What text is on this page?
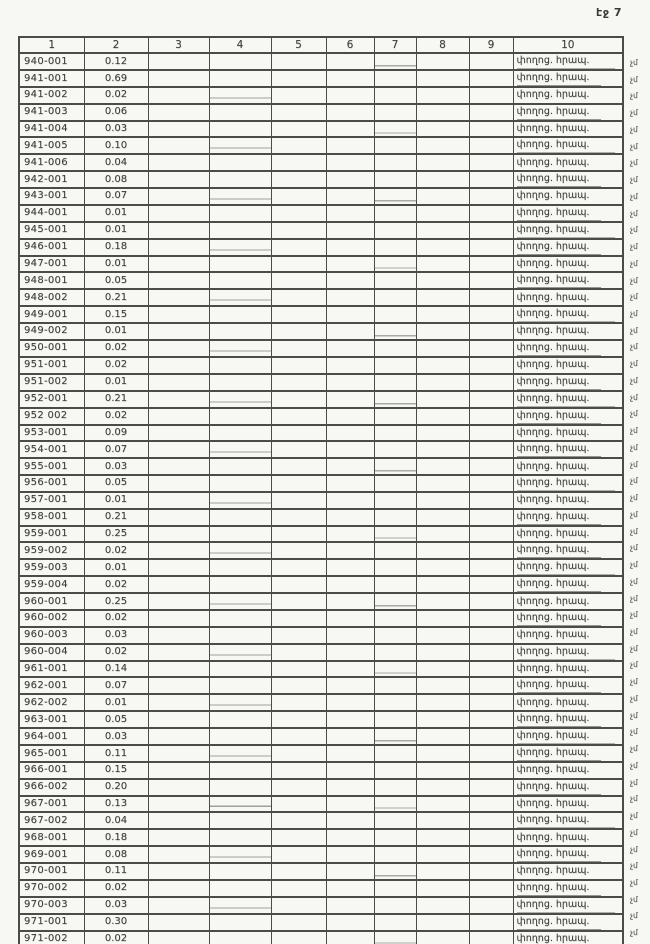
էջ 7
1	2	3	4	5	6	7	8	9	10
940-001	0.12								փողոց. հրապ.
941-001	0.69								փողոց. հրապ.
941-002	0.02								փողոց. հրապ.
941-003	0.06								փողոց. հրապ.
941-004	0.03								փողոց. հրապ.
941-005	0.10								փողոց. հրապ.
941-006	0.04								փողոց. հրապ.
942-001	0.08								փողոց. հրապ.
943-001	0.07								փողոց. հրապ.
944-001	0.01								փողոց. հրապ.
945-001	0.01								փողոց. հրապ.
946-001	0.18								փողոց. հրապ.
947-001	0.01								փողոց. հրապ.
948-001	0.05								փողոց. հրապ.
948-002	0.21								փողոց. հրապ.
949-001	0.15								փողոց. հրապ.
949-002	0.01								փողոց. հրապ.
950-001	0.02								փողոց. հրապ.
951-001	0.02								փողոց. հրապ.
951-002	0.01								փողոց. հրապ.
952-001	0.21								փողոց. հրապ.
952 002	0.02								փողոց. հրապ.
953-001	0.09								փողոց. հրապ.
954-001	0.07								փողոց. հրապ.
955-001	0.03								փողոց. հրապ.
956-001	0.05								փողոց. հրապ.
957-001	0.01								փողոց. հրապ.
958-001	0.21								փողոց. հրապ.
959-001	0.25								փողոց. հրապ.
959-002	0.02								փողոց. հրապ.
959-003	0.01								փողոց. հրապ.
959-004	0.02								փողոց. հրապ.
960-001	0.25								փողոց. հրապ.
960-002	0.02								փողոց. հրապ.
960-003	0.03								փողոց. հրապ.
960-004	0.02								փողոց. հրապ.
961-001	0.14								փողոց. հրապ.
962-001	0.07								փողոց. հրապ.
962-002	0.01								փողոց. հրապ.
963-001	0.05								փողոց. հրապ.
964-001	0.03								փողոց. հրապ.
965-001	0.11								փողոց. հրապ.
966-001	0.15								փողոց. հրապ.
966-002	0.20								փողոց. հրապ.
967-001	0.13								փողոց. հրապ.
967-002	0.04								փողոց. հրապ.
968-001	0.18								փողոց. հրապ.
969-001	0.08								փողոց. հրապ.
970-001	0.11								փողոց. հրապ.
970-002	0.02								փողոց. հրապ.
970-003	0.03								փողոց. հրապ.
971-001	0.30								փողոց. հրապ.
971-002	0.02								փողոց. հրապ.
չմ
չմ
չմ
չմ
չմ
չմ
չմ
չմ
չմ
չմ
չմ
չմ
չմ
չմ
չմ
չմ
չմ
չմ
չմ
չմ
չմ
չմ
չմ
չմ
չմ
չմ
չմ
չմ
չմ
չմ
չմ
չմ
չմ
չմ
չմ
չմ
չմ
չմ
չմ
չմ
չմ
չմ
չմ
չմ
չմ
չմ
չմ
չմ
չմ
չմ
չմ
չմ
չմ
